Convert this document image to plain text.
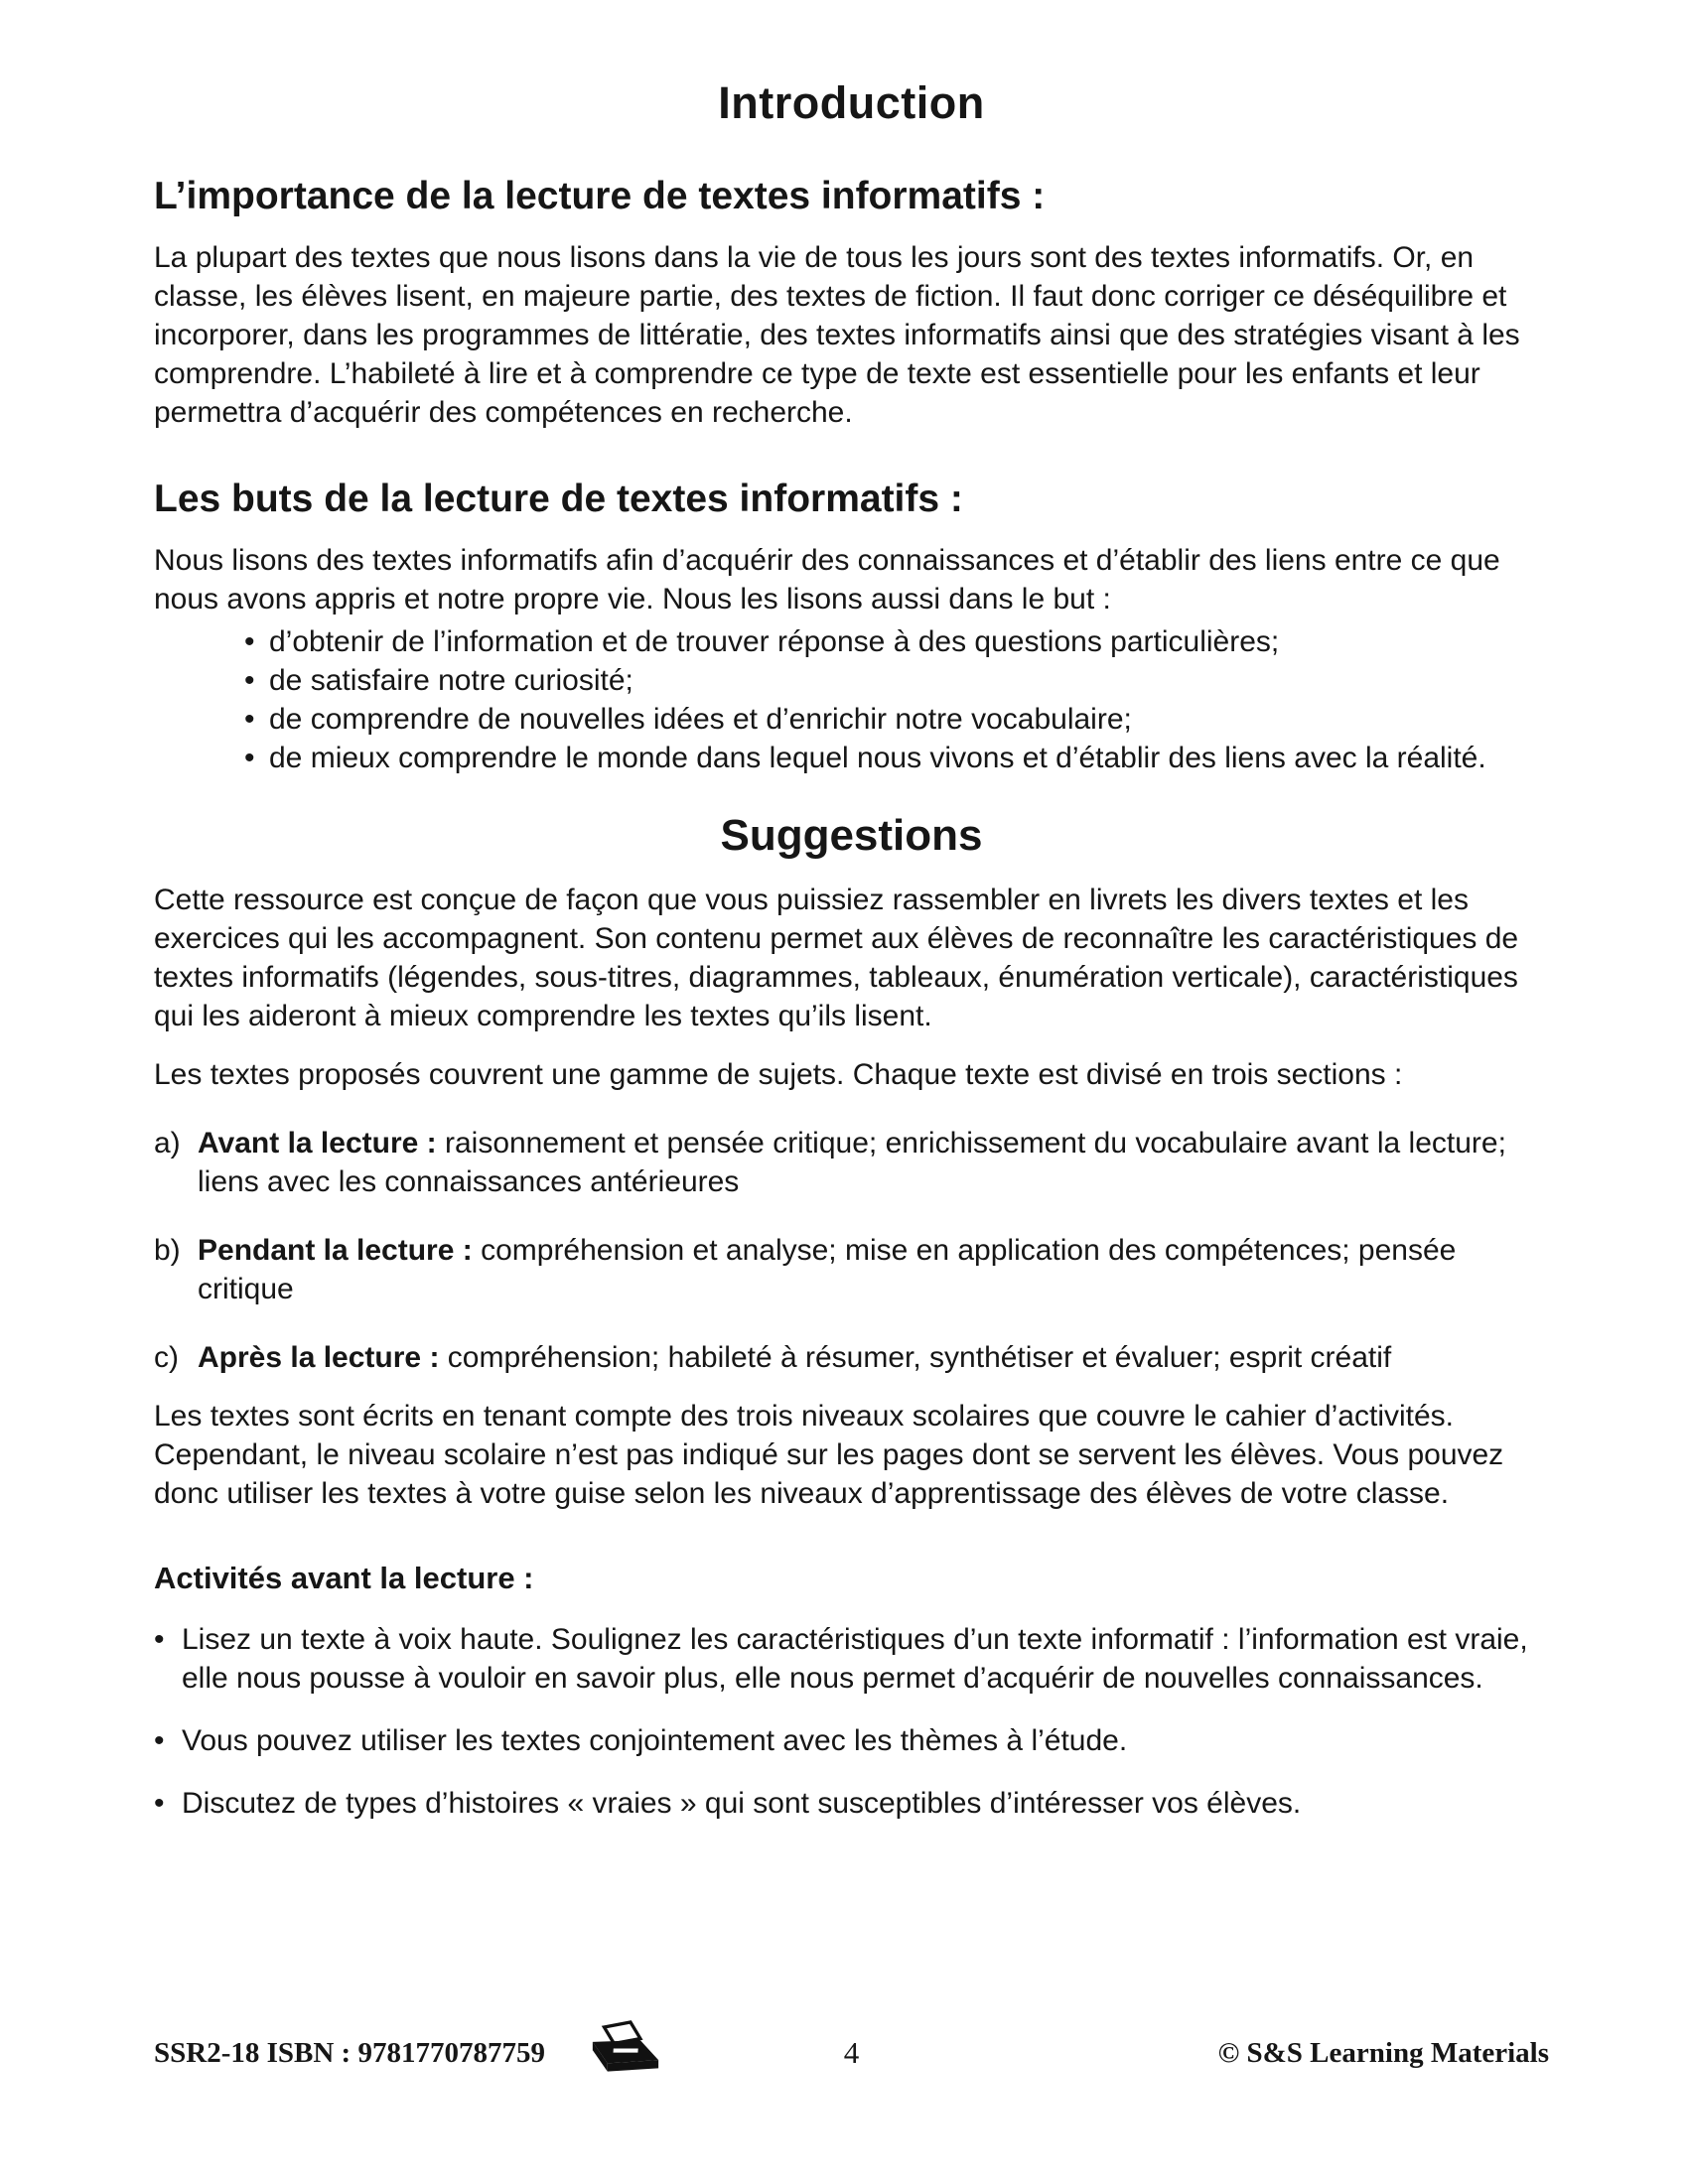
Introduction
L’importance de la lecture de textes informatifs :

La plupart des textes que nous lisons dans la vie de tous les jours sont des textes informatifs. Or, en classe, les élèves lisent, en majeure partie, des textes de fiction. Il faut donc corriger ce déséquilibre et incorporer, dans les programmes de littératie, des textes informatifs ainsi que des stratégies visant à les comprendre. L’habileté à lire et à comprendre ce type de texte est essentielle pour les enfants et leur permettra d’acquérir des compétences en recherche.

Les buts de la lecture de textes informatifs :

Nous lisons des textes informatifs afin d’acquérir des connaissances et d’établir des liens entre ce que nous avons appris et notre propre vie. Nous les lisons aussi dans le but :

• d’obtenir de l’information et de trouver réponse à des questions particulières;
• de satisfaire notre curiosité;
• de comprendre de nouvelles idées et d’enrichir notre vocabulaire;
• de mieux comprendre le monde dans lequel nous vivons et d’établir des liens avec la réalité.
Suggestions

Cette ressource est conçue de façon que vous puissiez rassembler en livrets les divers textes et les exercices qui les accompagnent. Son contenu permet aux élèves de reconnaître les caractéristiques de textes informatifs (légendes, sous-titres, diagrammes, tableaux, énumération verticale), caractéristiques qui les aideront à mieux comprendre les textes qu’ils lisent.

Les textes proposés couvrent une gamme de sujets. Chaque texte est divisé en trois sections :

a) Avant la lecture : raisonnement et pensée critique; enrichissement du vocabulaire avant la lecture; liens avec les connaissances antérieures
b) Pendant la lecture : compréhension et analyse; mise en application des compétences; pensée critique
c) Après la lecture : compréhension; habileté à résumer, synthétiser et évaluer; esprit créatif

Les textes sont écrits en tenant compte des trois niveaux scolaires que couvre le cahier d’activités. Cependant, le niveau scolaire n’est pas indiqué sur les pages dont se servent les élèves. Vous pouvez donc utiliser les textes à votre guise selon les niveaux d’apprentissage des élèves de votre classe.

Activités avant la lecture :
• Lisez un texte à voix haute. Soulignez les caractéristiques d’un texte informatif : l’information est vraie, elle nous pousse à vouloir en savoir plus, elle nous permet d’acquérir de nouvelles connaissances.
• Vous pouvez utiliser les textes conjointement avec les thèmes à l’étude.
• Discutez de types d’histoires « vraies » qui sont susceptibles d’intéresser vos élèves.
SSR2-18 ISBN : 9781770787759	4	© S&S Learning Materials
